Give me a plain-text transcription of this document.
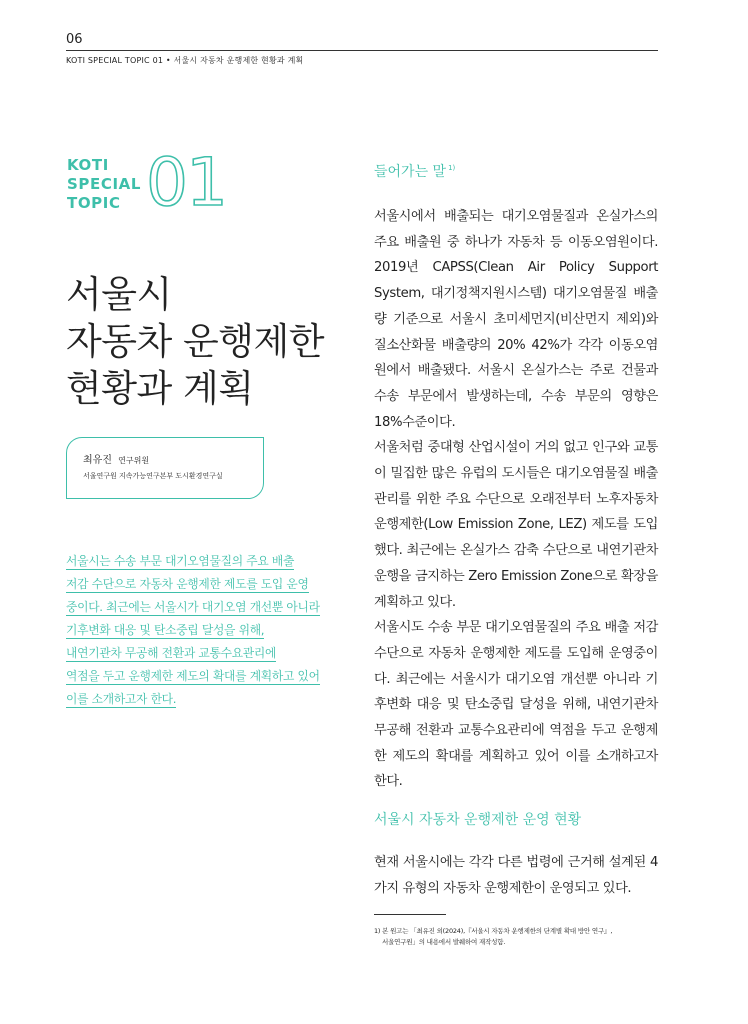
06
KOTI SPECIAL TOPIC 01 • 서울시 자동차 운행제한 현황과 계획
KOTI
SPECIAL
TOPIC 01
서울시
자동차 운행제한
현황과 계획
최유진 연구위원
서울연구원 지속가능연구본부 도시환경연구실

서울시는 수송 부문 대기오염물질의 주요 배출
저감 수단으로 자동차 운행제한 제도를 도입 운영
중이다. 최근에는 서울시가 대기오염 개선뿐 아니라
기후변화 대응 및 탄소중립 달성을 위해,
내연기관차 무공해 전환과 교통수요관리에
역점을 두고 운행제한 제도의 확대를 계획하고 있어
이를 소개하고자 한다.

들어가는 말 $^{1)}$
서울시에서 배출되는 대기오염물질과 온실가스의 주요 배출원 중 하나가 자동차 등 이동오염원이다. 2019년 CAPSS(Clean Air Policy Support System, 대기정책지원시스템) 대기오염물질 배출량 기준으로 서울시 초미세먼지(비산먼지 제외)와 질소산화물 배출량의 20% 42%가 각각 이동오염원에서 배출됐다. 서울시 온실가스는 주로 건물과 수송 부문에서 발생하는데, 수송 부문의 영향은 18%수준이다.
서울처럼 중대형 산업시설이 거의 없고 인구와 교통이 밀집한 많은 유럽의 도시들은 대기오염물질 배출관리를 위한 주요 수단으로 오래전부터 노후자동차 운행제한(Low Emission Zone, LEZ) 제도를 도입했다. 최근에는 온실가스 감축 수단으로 내연기관차 운행을 금지하는 Zero Emission Zone으로 확장을 계획하고 있다.
서울시도 수송 부문 대기오염물질의 주요 배출 저감 수단으로 자동차 운행제한 제도를 도입해 운영중이다. 최근에는 서울시가 대기오염 개선뿐 아니라 기후변화 대응 및 탄소중립 달성을 위해, 내연기관차 무공해 전환과 교통수요관리에 역점을 두고 운행제한 제도의 확대를 계획하고 있어 이를 소개하고자 한다.
서울시 자동차 운행제한 운영 현황

현재 서울시에는 각각 다른 법령에 근거해 설계된 4가지 유형의 자동차 운행제한이 운영되고 있다.

1) 본 원고는 「최유진 외(2024),『서울시 자동차 운행제한의 단계별 확대 방안 연구』,
서울연구원」의 내용에서 발췌하여 재작성함.
